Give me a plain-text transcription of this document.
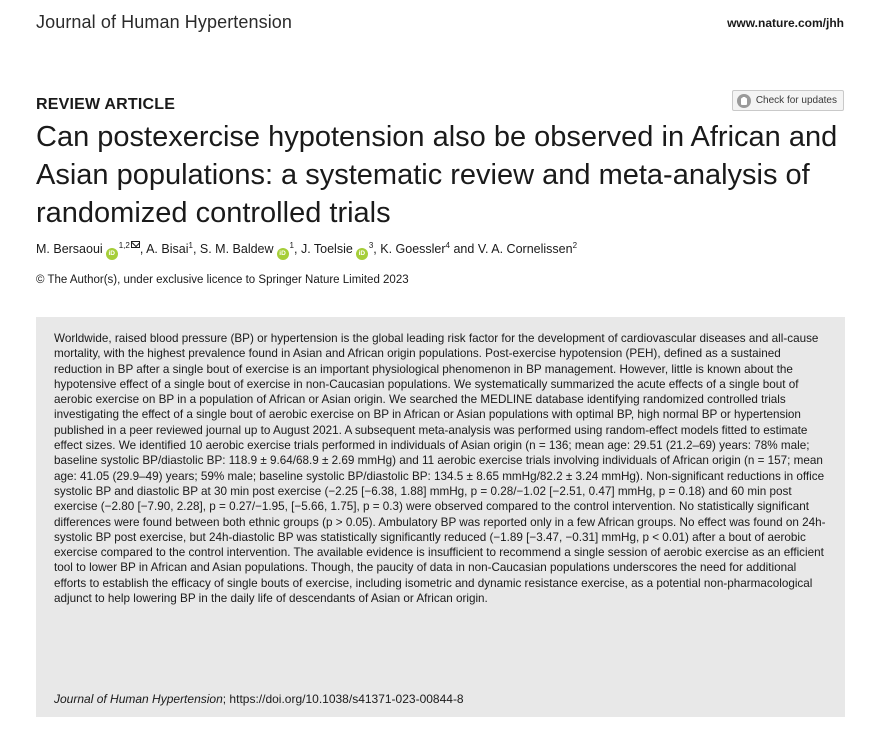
Journal of Human Hypertension	www.nature.com/jhh
REVIEW ARTICLE	Check for updates
Can postexercise hypotension also be observed in African and Asian populations: a systematic review and meta-analysis of randomized controlled trials
M. Bersaoui iD$^{1,2}$ , A. Bisai$^1$, S. M. Baldew $iD^1$, J. Toelsie $iD^3$, K. Goessler$^4$ and V. A. Cornelissen$^2$
© The Author(s), under exclusive licence to Springer Nature Limited 2023

Worldwide, raised blood pressure (BP) or hypertension is the global leading risk factor for the development of cardiovascular diseases and all-cause mortality, with the highest prevalence found in Asian and African origin populations. Post-exercise hypotension (PEH), defined as a sustained reduction in BP after a single bout of exercise is an important physiological phenomenon in BP management. However, little is known about the hypotensive effect of a single bout of exercise in non-Caucasian populations. We systematically summarized the acute effects of a single bout of aerobic exercise on BP in a population of African or Asian origin. We searched the MEDLINE database identifying randomized controlled trials investigating the effect of a single bout of aerobic exercise on BP in African or Asian populations with optimal BP, high normal BP or hypertension published in a peer reviewed journal up to August 2021. A subsequent meta-analysis was performed using random-effect models fitted to estimate effect sizes. We identified 10 aerobic exercise trials performed in individuals of Asian origin (n = 136; mean age: 29.51 (21.2–69) years: 78% male; baseline systolic BP/diastolic BP: 118.9 ± 9.64/68.9 ± 2.69 mmHg) and 11 aerobic exercise trials involving individuals of African origin (n = 157; mean age: 41.05 (29.9–49) years; 59% male; baseline systolic BP/diastolic BP: 134.5 ± 8.65 mmHg/82.2 ± 3.24 mmHg). Non-significant reductions in office systolic BP and diastolic BP at 30 min post exercise (−2.25 [−6.38, 1.88] mmHg, p = 0.28/−1.02 [−2.51, 0.47] mmHg, p = 0.18) and 60 min post exercise (−2.80 [−7.90, 2.28], p = 0.27/−1.95, [−5.66, 1.75], p = 0.3) were observed compared to the control intervention. No statistically significant differences were found between both ethnic groups (p > 0.05). Ambulatory BP was reported only in a few African groups. No effect was found on 24h-systolic BP post exercise, but 24h-diastolic BP was statistically significantly reduced (−1.89 [−3.47, −0.31] mmHg, p < 0.01) after a bout of aerobic exercise compared to the control intervention. The available evidence is insufficient to recommend a single session of aerobic exercise as an efficient tool to lower BP in African and Asian populations. Though, the paucity of data in non-Caucasian populations underscores the need for additional efforts to establish the efficacy of single bouts of exercise, including isometric and dynamic resistance exercise, as a potential non-pharmacological adjunct to help lowering BP in the daily life of descendants of Asian or African origin.

Journal of Human Hypertension; https://doi.org/10.1038/s41371-023-00844-8
